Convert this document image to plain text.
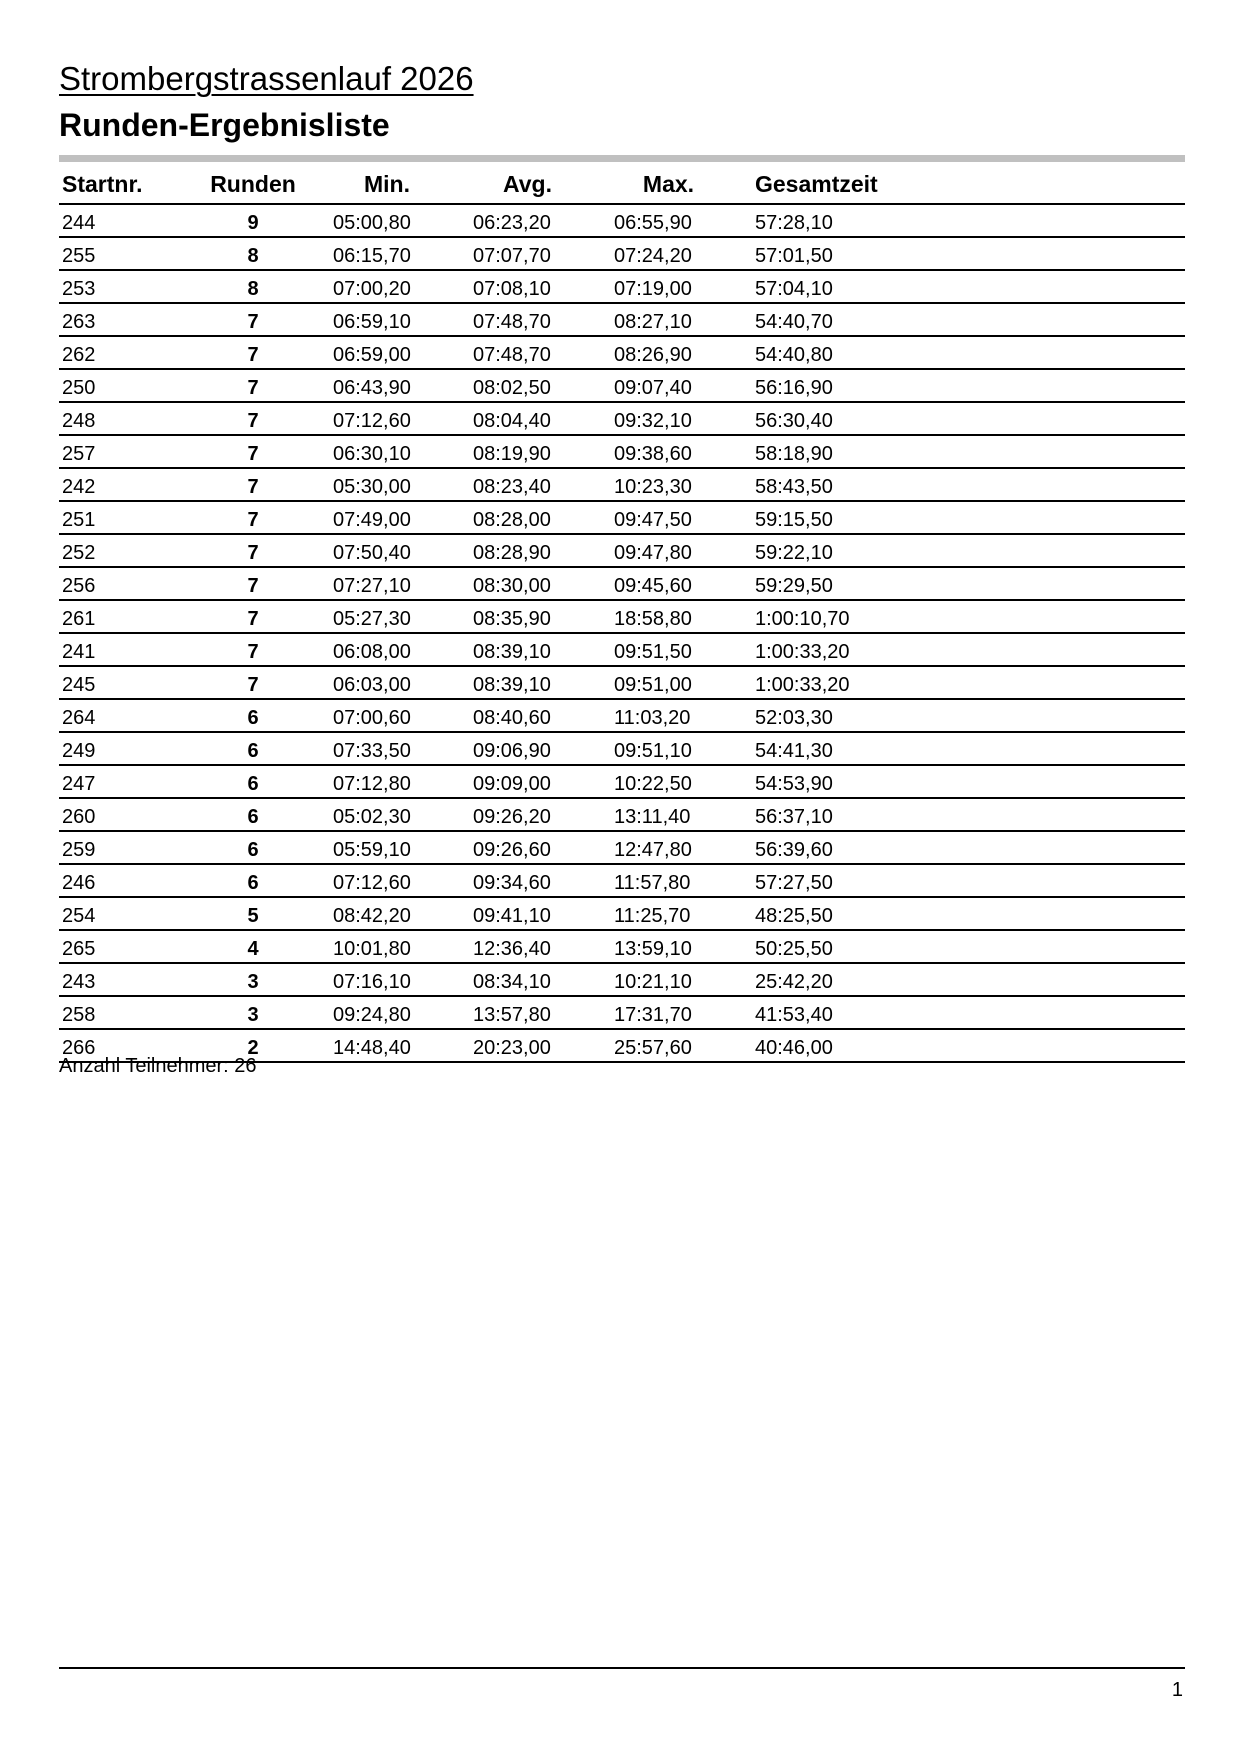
Strombergstrassenlauf 2026
Runden-Ergebnisliste
Startnr.	Runden	Min.	Avg.	Max.	Gesamtzeit
244	9	05:00,80	06:23,20	06:55,90	57:28,10
255	8	06:15,70	07:07,70	07:24,20	57:01,50
253	8	07:00,20	07:08,10	07:19,00	57:04,10
263	7	06:59,10	07:48,70	08:27,10	54:40,70
262	7	06:59,00	07:48,70	08:26,90	54:40,80
250	7	06:43,90	08:02,50	09:07,40	56:16,90
248	7	07:12,60	08:04,40	09:32,10	56:30,40
257	7	06:30,10	08:19,90	09:38,60	58:18,90
242	7	05:30,00	08:23,40	10:23,30	58:43,50
251	7	07:49,00	08:28,00	09:47,50	59:15,50
252	7	07:50,40	08:28,90	09:47,80	59:22,10
256	7	07:27,10	08:30,00	09:45,60	59:29,50
261	7	05:27,30	08:35,90	18:58,80	1:00:10,70
241	7	06:08,00	08:39,10	09:51,50	1:00:33,20
245	7	06:03,00	08:39,10	09:51,00	1:00:33,20
264	6	07:00,60	08:40,60	11:03,20	52:03,30
249	6	07:33,50	09:06,90	09:51,10	54:41,30
247	6	07:12,80	09:09,00	10:22,50	54:53,90
260	6	05:02,30	09:26,20	13:11,40	56:37,10
259	6	05:59,10	09:26,60	12:47,80	56:39,60
246	6	07:12,60	09:34,60	11:57,80	57:27,50
254	5	08:42,20	09:41,10	11:25,70	48:25,50
265	4	10:01,80	12:36,40	13:59,10	50:25,50
243	3	07:16,10	08:34,10	10:21,10	25:42,20
258	3	09:24,80	13:57,80	17:31,70	41:53,40
266	2	14:48,40	20:23,00	25:57,60	40:46,00
Anzahl Teilnehmer: 26
1
